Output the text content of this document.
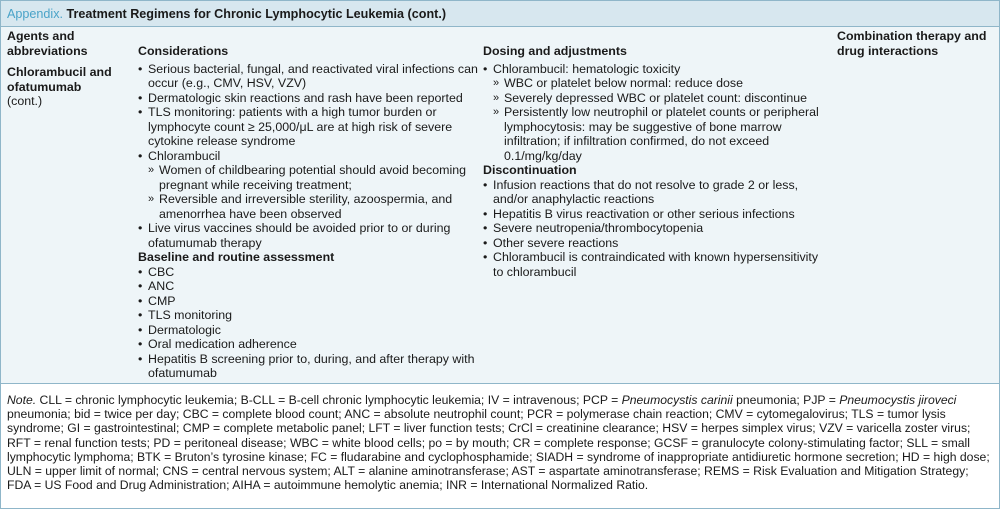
Appendix. Treatment Regimens for Chronic Lymphocytic Leukemia (cont.)
Agents and abbreviations
Chlorambucil and ofatumumab
(cont.)
Considerations
• Serious bacterial, fungal, and reactivated viral infections can occur (e.g., CMV, HSV, VZV)
• Dermatologic skin reactions and rash have been reported
• TLS monitoring: patients with a high tumor burden or lymphocyte count ≥ 25,000/μL are at high risk of severe cytokine release syndrome
• Chlorambucil
» Women of childbearing potential should avoid becoming pregnant while receiving treatment;
» Reversible and irreversible sterility, azoospermia, and amenorrhea have been observed
• Live virus vaccines should be avoided prior to or during ofatumumab therapy
Baseline and routine assessment
• CBC
• ANC
• CMP
• TLS monitoring
• Dermatologic
• Oral medication adherence
• Hepatitis B screening prior to, during, and after therapy with ofatumumab
Dosing and adjustments
• Chlorambucil: hematologic toxicity
» WBC or platelet below normal: reduce dose
» Severely depressed WBC or platelet count: discontinue
» Persistently low neutrophil or platelet counts or peripheral lymphocytosis: may be suggestive of bone marrow infiltration; if infiltration confirmed, do not exceed 0.1/mg/kg/day
Discontinuation
• Infusion reactions that do not resolve to grade 2 or less, and/or anaphylactic reactions
• Hepatitis B virus reactivation or other serious infections
• Severe neutropenia/thrombocytopenia
• Other severe reactions
• Chlorambucil is contraindicated with known hypersensitivity to chlorambucil
Combination therapy and drug interactions
Note. CLL = chronic lymphocytic leukemia; B-CLL = B-cell chronic lymphocytic leukemia; IV = intravenous; PCP = Pneumocystis carinii pneumonia; PJP = Pneumocystis jiroveci pneumonia; bid = twice per day; CBC = complete blood count; ANC = absolute neutrophil count; PCR = polymerase chain reaction; CMV = cytomegalovirus; TLS = tumor lysis syndrome; GI = gastrointestinal; CMP = complete metabolic panel; LFT = liver function tests; CrCl = creatinine clearance; HSV = herpes simplex virus; VZV = varicella zoster virus; RFT = renal function tests; PD = peritoneal disease; WBC = white blood cells; po = by mouth; CR = complete response; GCSF = granulocyte colony-stimulating factor; SLL = small lymphocytic lymphoma; BTK = Bruton’s tyrosine kinase; FC = fludarabine and cyclophosphamide; SIADH = syndrome of inappropriate antidiuretic hormone secretion; HD = high dose; ULN = upper limit of normal; CNS = central nervous system; ALT = alanine aminotransferase; AST = aspartate aminotransferase; REMS = Risk Evaluation and Mitigation Strategy; FDA = US Food and Drug Administration; AIHA = autoimmune hemolytic anemia; INR = International Normalized Ratio.
